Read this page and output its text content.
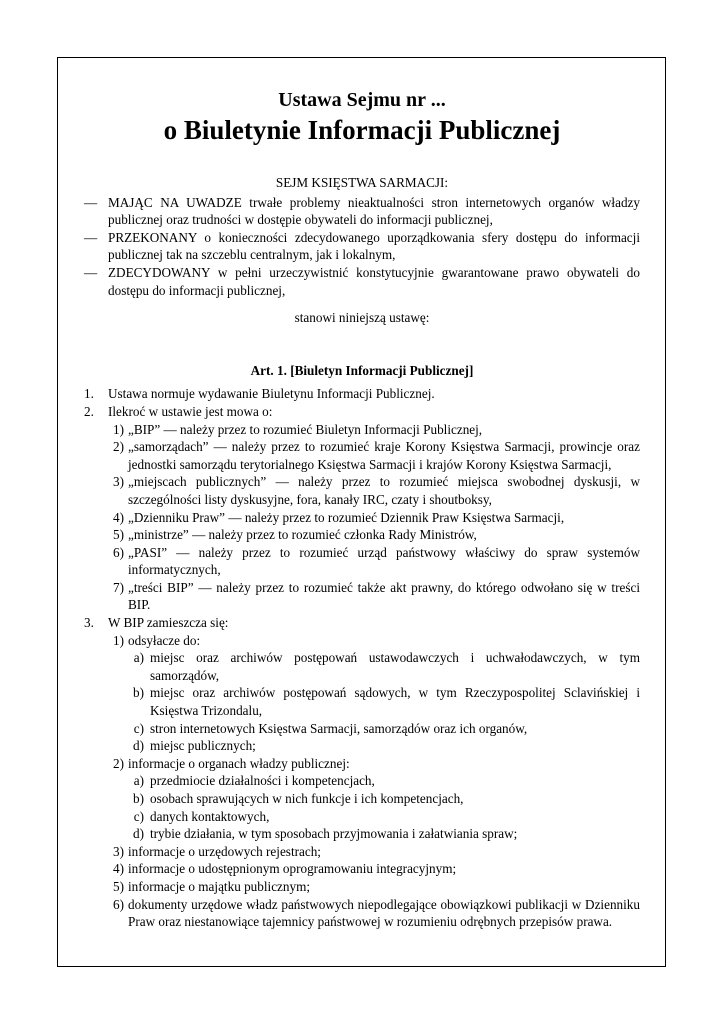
Ustawa Sejmu nr ...
o Biuletynie Informacji Publicznej
SEJM KSIĘSTWA SARMACJI:
— MAJĄC NA UWADZE trwałe problemy nieaktualności stron internetowych organów władzy publicznej oraz trudności w dostępie obywateli do informacji publicznej,
— PRZEKONANY o konieczności zdecydowanego uporządkowania sfery dostępu do informacji publicznej tak na szczeblu centralnym, jak i lokalnym,
— ZDECYDOWANY w pełni urzeczywistnić konstytucyjnie gwarantowane prawo obywateli do dostępu do informacji publicznej,
stanowi niniejszą ustawę:
Art. 1. [Biuletyn Informacji Publicznej]
1. Ustawa normuje wydawanie Biuletynu Informacji Publicznej.
2. Ilekroć w ustawie jest mowa o:
1) „BIP” — należy przez to rozumieć Biuletyn Informacji Publicznej,
2) „samorządach” — należy przez to rozumieć kraje Korony Księstwa Sarmacji, prowincje oraz jednostki samorządu terytorialnego Księstwa Sarmacji i krajów Korony Księstwa Sarmacji,
3) „miejscach publicznych” — należy przez to rozumieć miejsca swobodnej dyskusji, w szczególności listy dyskusyjne, fora, kanały IRC, czaty i shoutboksy,
4) „Dzienniku Praw” — należy przez to rozumieć Dziennik Praw Księstwa Sarmacji,
5) „ministrze” — należy przez to rozumieć członka Rady Ministrów,
6) „PASI” — należy przez to rozumieć urząd państwowy właściwy do spraw systemów informatycznych,
7) „treści BIP” — należy przez to rozumieć także akt prawny, do którego odwołano się w treści BIP.
3. W BIP zamieszcza się:
1) odsyłacze do:
a) miejsc oraz archiwów postępowań ustawodawczych i uchwałodawczych, w tym samorządów,
b) miejsc oraz archiwów postępowań sądowych, w tym Rzeczypospolitej Sclavińskiej i Księstwa Trizondalu,
c) stron internetowych Księstwa Sarmacji, samorządów oraz ich organów,
d) miejsc publicznych;
2) informacje o organach władzy publicznej:
a) przedmiocie działalności i kompetencjach,
b) osobach sprawujących w nich funkcje i ich kompetencjach,
c) danych kontaktowych,
d) trybie działania, w tym sposobach przyjmowania i załatwiania spraw;
3) informacje o urzędowych rejestrach;
4) informacje o udostępnionym oprogramowaniu integracyjnym;
5) informacje o majątku publicznym;
6) dokumenty urzędowe władz państwowych niepodlegające obowiązkowi publikacji w Dzienniku Praw oraz niestanowiące tajemnicy państwowej w rozumieniu odrębnych przepisów prawa.
